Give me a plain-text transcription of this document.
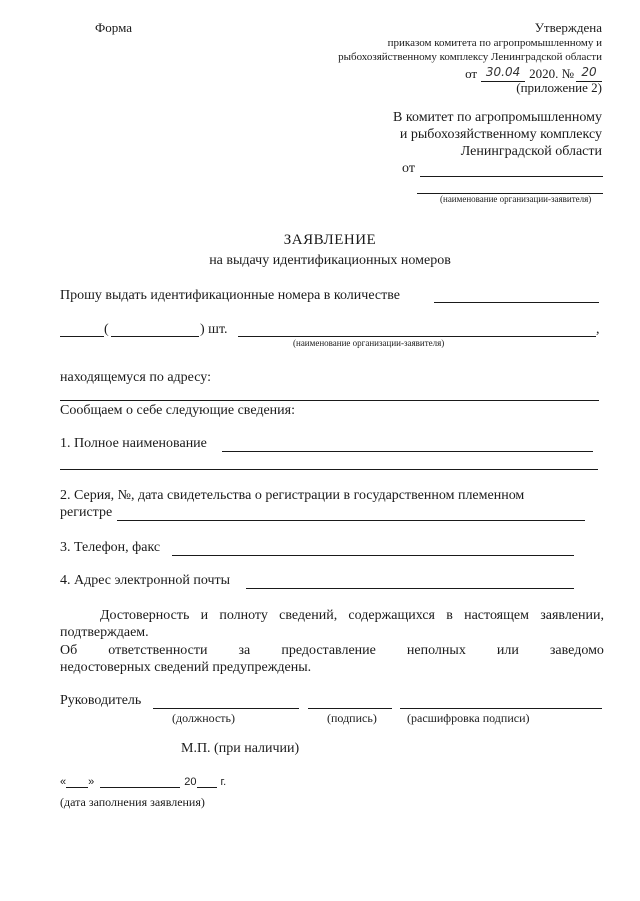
Форма	Утверждена
приказом комитета по агропромышленному и
рыбохозяйственному комплексу Ленинградской области
от 30.04 2020. № 20
(приложение 2)
В комитет по агропромышленному
и рыбохозяйственному комплексу
Ленинградской области
от
(наименование организации-заявителя)
ЗАЯВЛЕНИЕ
на выдачу идентификационных номеров
Прошу выдать идентификационные номера в количестве
(	) шт.	,
(наименование организации-заявителя)
находящемуся по адресу:
Сообщаем о себе следующие сведения:
1. Полное наименование
2. Серия, №, дата свидетельства о регистрации в государственном племенном
регистре
3. Телефон, факс
4. Адрес электронной почты
Достоверность и полноту сведений, содержащихся в настоящем заявлении,
подтверждаем.
Об ответственности за предоставление неполных или заведомо
недостоверных сведений предупреждены.
Руководитель
(должность)	(подпись)	(расшифровка подписи)
М.П. (при наличии)
« »	20 г.
(дата заполнения заявления)
